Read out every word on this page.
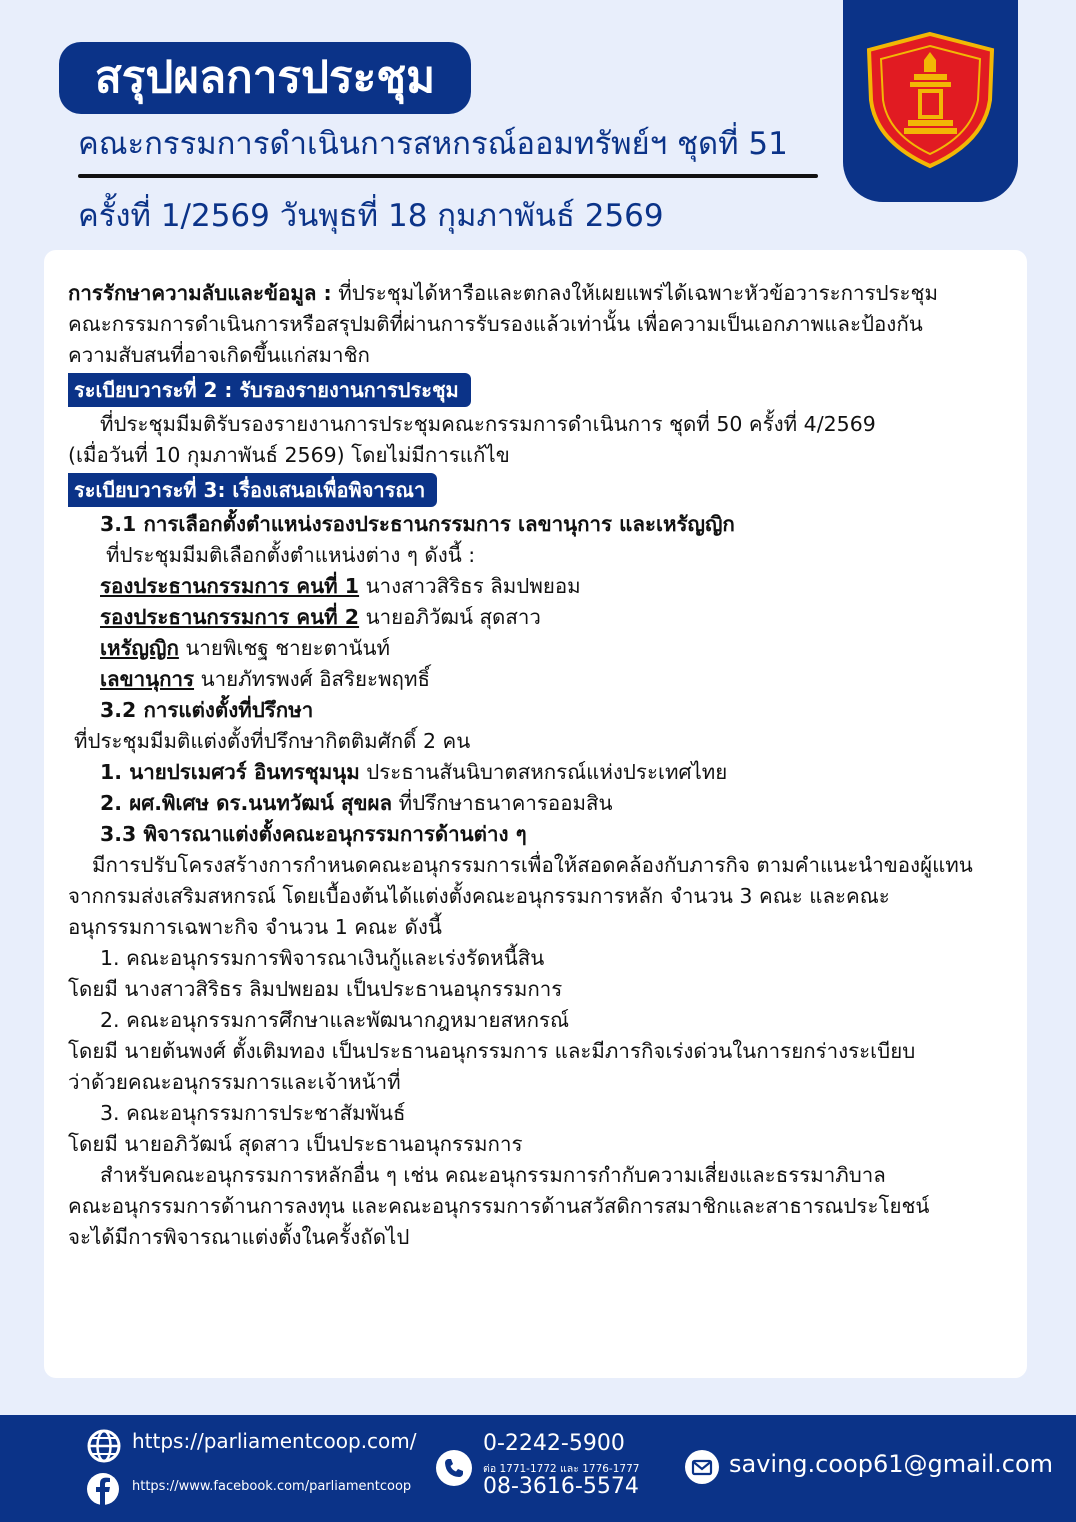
สรุปผลการประชุม
คณะกรรมการดำเนินการสหกรณ์ออมทรัพย์ฯ ชุดที่ 51
ครั้งที่ 1/2569 วันพุธที่ 18 กุมภาพันธ์ 2569

การรักษาความลับและข้อมูล : ที่ประชุมได้หารือและตกลงให้เผยแพร่ได้เฉพาะหัวข้อวาระการประชุม

คณะกรรมการดำเนินการหรือสรุปมติที่ผ่านการรับรองแล้วเท่านั้น เพื่อความเป็นเอกภาพและป้องกัน

ความสับสนที่อาจเกิดขึ้นแก่สมาชิก

ระเบียบวาระที่ 2 : รับรองรายงานการประชุม

ที่ประชุมมีมติรับรองรายงานการประชุมคณะกรรมการดำเนินการ ชุดที่ 50 ครั้งที่ 4/2569

(เมื่อวันที่ 10 กุมภาพันธ์ 2569) โดยไม่มีการแก้ไข

ระเบียบวาระที่ 3: เรื่องเสนอเพื่อพิจารณา

3.1 การเลือกตั้งตำแหน่งรองประธานกรรมการ เลขานุการ และเหรัญญิก

ที่ประชุมมีมติเลือกตั้งตำแหน่งต่าง ๆ ดังนี้ :

รองประธานกรรมการ คนที่ 1 นางสาวสิริธร ลิมปพยอม

รองประธานกรรมการ คนที่ 2 นายอภิวัฒน์ สุดสาว

เหรัญญิก นายพิเชฐ ชายะตานันท์

เลขานุการ นายภัทรพงศ์ อิสริยะพฤทธิ์

3.2 การแต่งตั้งที่ปรึกษา

ที่ประชุมมีมติแต่งตั้งที่ปรึกษากิตติมศักดิ์ 2 คน

1. นายปรเมศวร์ อินทรชุมนุม ประธานสันนิบาตสหกรณ์แห่งประเทศไทย

2. ผศ.พิเศษ ดร.นนทวัฒน์ สุขผล ที่ปรึกษาธนาคารออมสิน

3.3 พิจารณาแต่งตั้งคณะอนุกรรมการด้านต่าง ๆ

มีการปรับโครงสร้างการกำหนดคณะอนุกรรมการเพื่อให้สอดคล้องกับภารกิจ ตามคำแนะนำของผู้แทน

จากกรมส่งเสริมสหกรณ์ โดยเบื้องต้นได้แต่งตั้งคณะอนุกรรมการหลัก จำนวน 3 คณะ และคณะ

อนุกรรมการเฉพาะกิจ จำนวน 1 คณะ ดังนี้

1. คณะอนุกรรมการพิจารณาเงินกู้และเร่งรัดหนี้สิน

โดยมี นางสาวสิริธร ลิมปพยอม เป็นประธานอนุกรรมการ

2. คณะอนุกรรมการศึกษาและพัฒนากฎหมายสหกรณ์

โดยมี นายต้นพงศ์ ตั้งเติมทอง เป็นประธานอนุกรรมการ และมีภารกิจเร่งด่วนในการยกร่างระเบียบ

ว่าด้วยคณะอนุกรรมการและเจ้าหน้าที่

3. คณะอนุกรรมการประชาสัมพันธ์

โดยมี นายอภิวัฒน์ สุดสาว เป็นประธานอนุกรรมการ

สำหรับคณะอนุกรรมการหลักอื่น ๆ เช่น คณะอนุกรรมการกำกับความเสี่ยงและธรรมาภิบาล

คณะอนุกรรมการด้านการลงทุน และคณะอนุกรรมการด้านสวัสดิการสมาชิกและสาธารณประโยชน์

จะได้มีการพิจารณาแต่งตั้งในครั้งถัดไป

https://parliamentcoop.com/
https://www.facebook.com/parliamentcoop
0-2242-5900
ต่อ 1771-1772 และ 1776-1777
08-3616-5574
saving.coop61@gmail.com
